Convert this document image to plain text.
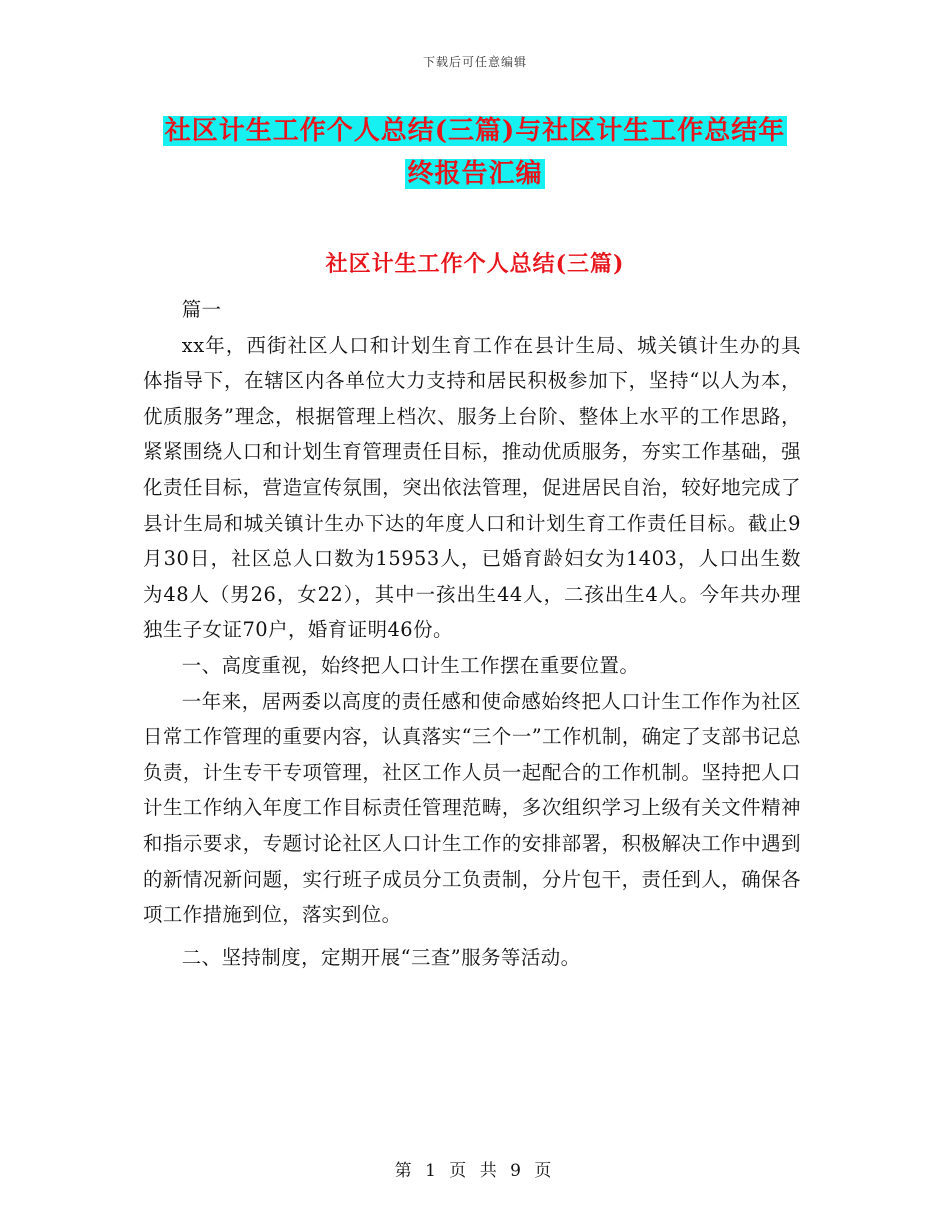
下载后可任意编辑
社区计生工作个人总结(三篇)与社区计生工作总结年
终报告汇编
社区计生工作个人总结(三篇)

篇一

xx年，西街社区人口和计划生育工作在县计生局、城关镇计生办的具体指导下，在辖区内各单位大力支持和居民积极参加下，坚持“以人为本，优质服务”理念，根据管理上档次、服务上台阶、整体上水平的工作思路，紧紧围绕人口和计划生育管理责任目标，推动优质服务，夯实工作基础，强化责任目标，营造宣传氛围，突出依法管理，促进居民自治，较好地完成了县计生局和城关镇计生办下达的年度人口和计划生育工作责任目标。截止9月30日，社区总人口数为15953人，已婚育龄妇女为1403，人口出生数为48人（男26，女22），其中一孩出生44人，二孩出生4人。今年共办理独生子女证70户，婚育证明46份。

一、高度重视，始终把人口计生工作摆在重要位置。

一年来，居两委以高度的责任感和使命感始终把人口计生工作作为社区日常工作管理的重要内容，认真落实“三个一”工作机制，确定了支部书记总负责，计生专干专项管理，社区工作人员一起配合的工作机制。坚持把人口计生工作纳入年度工作目标责任管理范畴，多次组织学习上级有关文件精神和指示要求，专题讨论社区人口计生工作的安排部署，积极解决工作中遇到的新情况新问题，实行班子成员分工负责制，分片包干，责任到人，确保各项工作措施到位，落实到位。

二、坚持制度，定期开展“三查”服务等活动。

第 1 页 共 9 页
